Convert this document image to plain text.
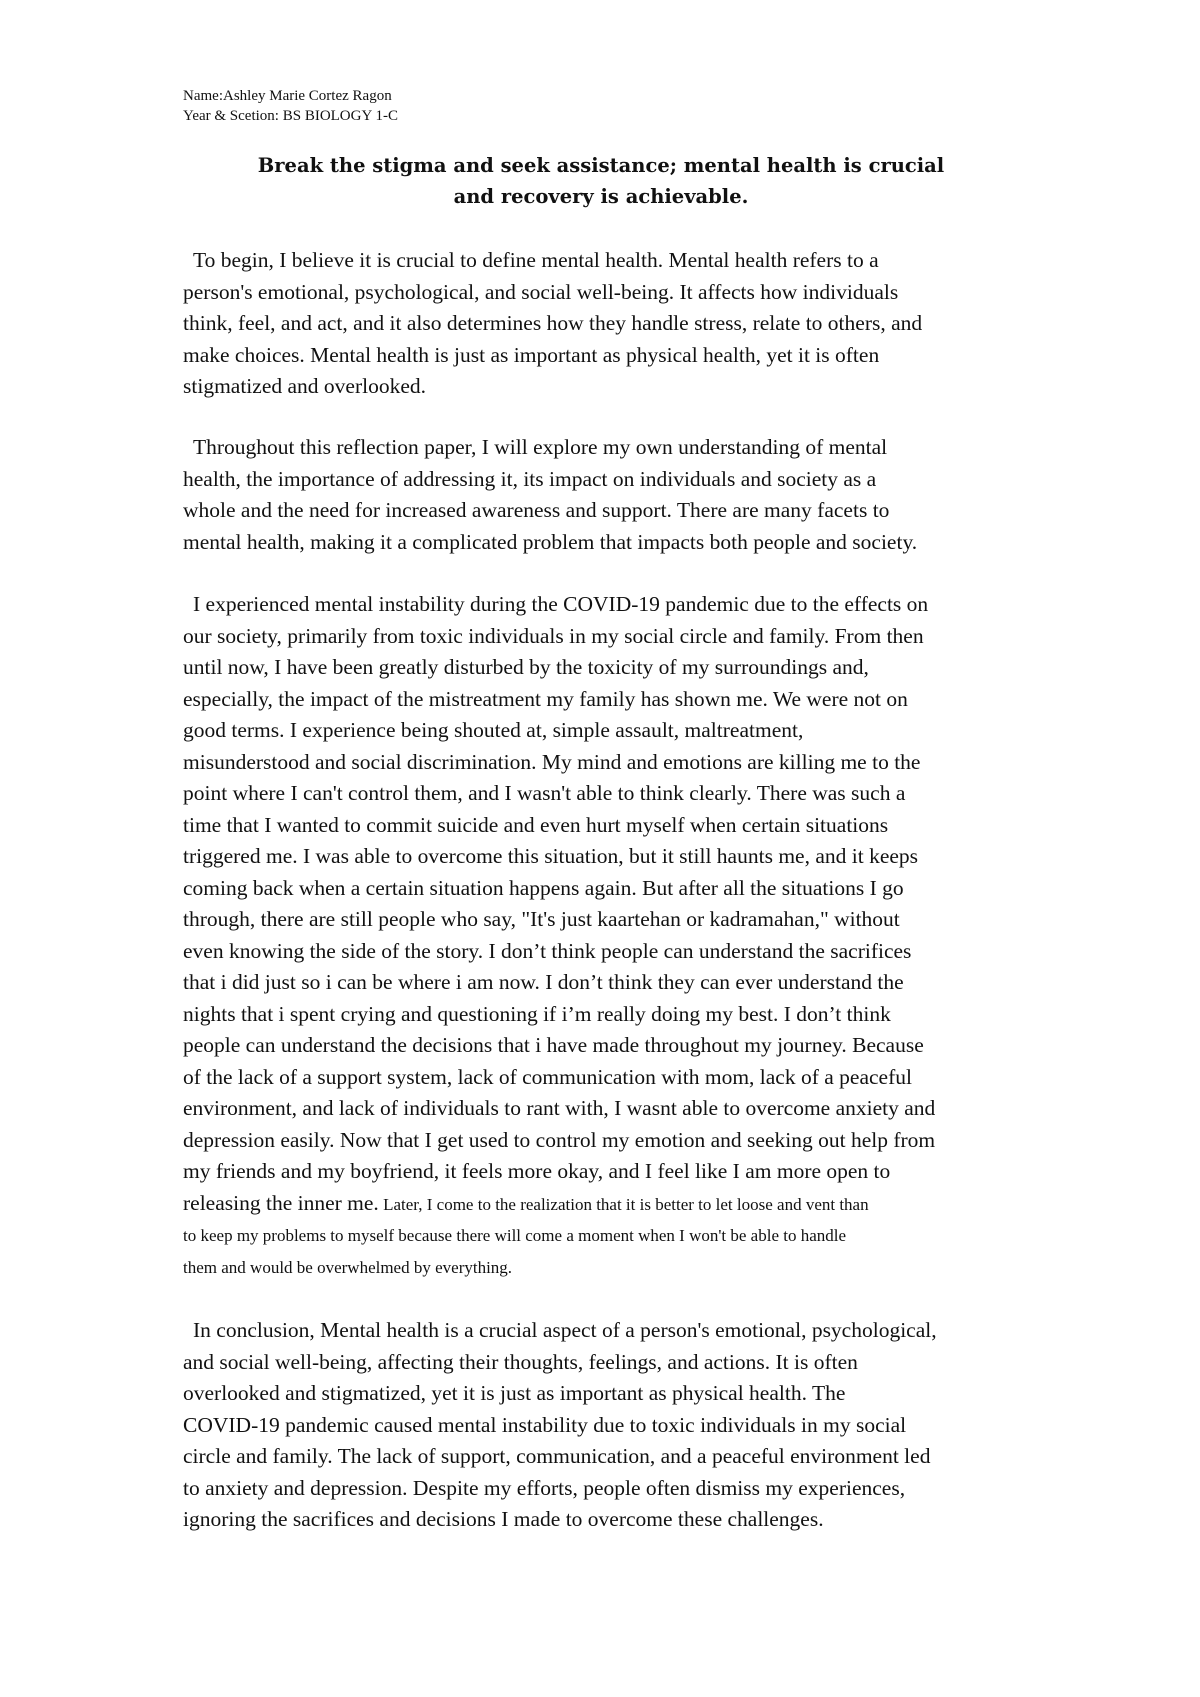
Name:Ashley Marie Cortez Ragon
Year & Scetion: BS BIOLOGY 1-C
Break the stigma and seek assistance; mental health is crucial
and recovery is achievable.
To begin, I believe it is crucial to define mental health. Mental health refers to a
person's emotional, psychological, and social well-being. It affects how individuals
think, feel, and act, and it also determines how they handle stress, relate to others, and
make choices. Mental health is just as important as physical health, yet it is often
stigmatized and overlooked.
Throughout this reflection paper, I will explore my own understanding of mental
health, the importance of addressing it, its impact on individuals and society as a
whole and the need for increased awareness and support. There are many facets to
mental health, making it a complicated problem that impacts both people and society.
I experienced mental instability during the COVID-19 pandemic due to the effects on
our society, primarily from toxic individuals in my social circle and family. From then
until now, I have been greatly disturbed by the toxicity of my surroundings and,
especially, the impact of the mistreatment my family has shown me. We were not on
good terms. I experience being shouted at, simple assault, maltreatment,
misunderstood and social discrimination. My mind and emotions are killing me to the
point where I can't control them, and I wasn't able to think clearly. There was such a
time that I wanted to commit suicide and even hurt myself when certain situations
triggered me. I was able to overcome this situation, but it still haunts me, and it keeps
coming back when a certain situation happens again. But after all the situations I go
through, there are still people who say, "It's just kaartehan or kadramahan," without
even knowing the side of the story. I don’t think people can understand the sacrifices
that i did just so i can be where i am now. I don’t think they can ever understand the
nights that i spent crying and questioning if i’m really doing my best. I don’t think
people can understand the decisions that i have made throughout my journey. Because
of the lack of a support system, lack of communication with mom, lack of a peaceful
environment, and lack of individuals to rant with, I wasnt able to overcome anxiety and
depression easily. Now that I get used to control my emotion and seeking out help from
my friends and my boyfriend, it feels more okay, and I feel like I am more open to
releasing the inner me. Later, I come to the realization that it is better to let loose and vent than
to keep my problems to myself because there will come a moment when I won't be able to handle
them and would be overwhelmed by everything.
In conclusion, Mental health is a crucial aspect of a person's emotional, psychological,
and social well-being, affecting their thoughts, feelings, and actions. It is often
overlooked and stigmatized, yet it is just as important as physical health. The
COVID-19 pandemic caused mental instability due to toxic individuals in my social
circle and family. The lack of support, communication, and a peaceful environment led
to anxiety and depression. Despite my efforts, people often dismiss my experiences,
ignoring the sacrifices and decisions I made to overcome these challenges.
